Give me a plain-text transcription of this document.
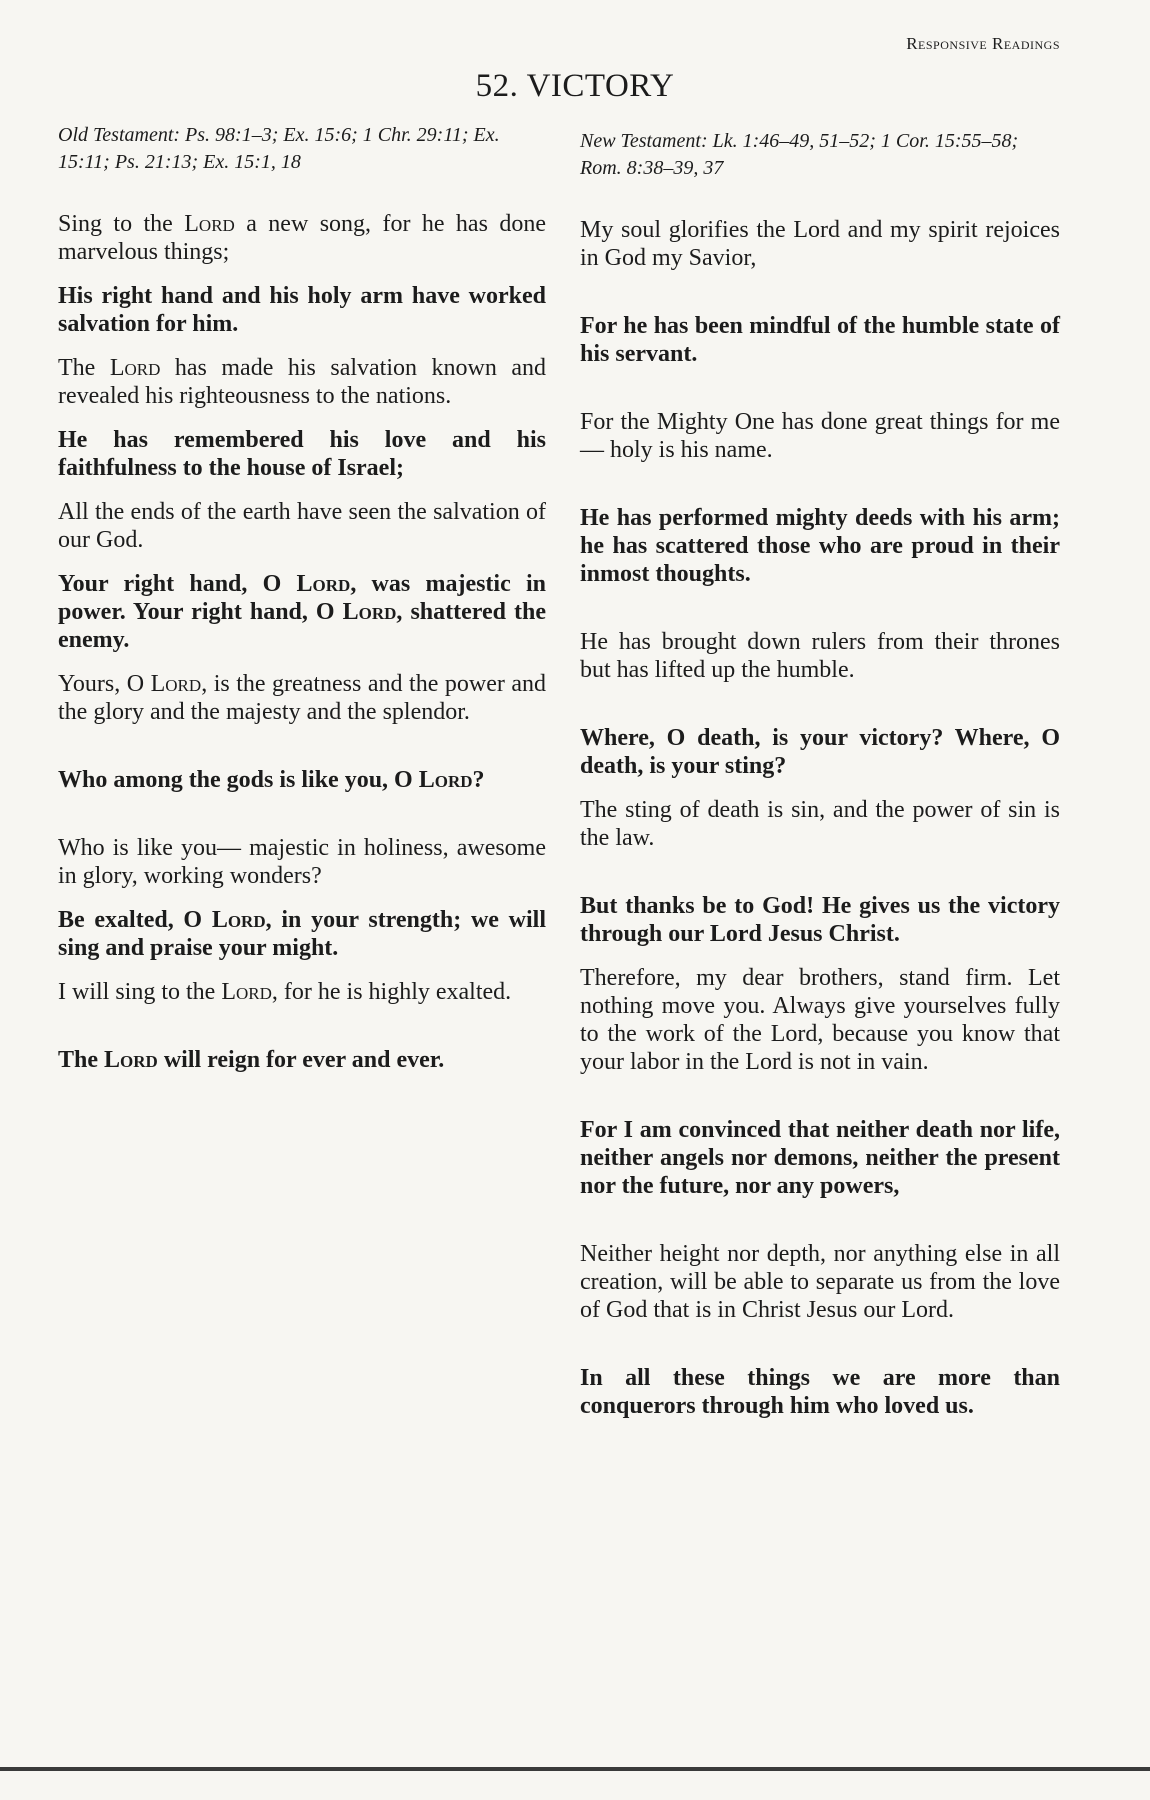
Responsive Readings
52. VICTORY

Old Testament: Ps. 98:1–3; Ex. 15:6; 1 Chr. 29:11; Ex. 15:11; Ps. 21:13; Ex. 15:1, 18

Sing to the Lord a new song, for he has done marvelous things;

His right hand and his holy arm have worked salvation for him.

The Lord has made his salvation known and revealed his righteousness to the nations.

He has remembered his love and his faithfulness to the house of Israel;

All the ends of the earth have seen the salvation of our God.

Your right hand, O Lord, was majestic in power. Your right hand, O Lord, shattered the enemy.

Yours, O Lord, is the greatness and the power and the glory and the majesty and the splendor.

Who among the gods is like you, O Lord?

Who is like you— majestic in holiness, awesome in glory, working wonders?

Be exalted, O Lord, in your strength; we will sing and praise your might.

I will sing to the Lord, for he is highly exalted.

The Lord will reign for ever and ever.

New Testament: Lk. 1:46–49, 51–52; 1 Cor. 15:55–58; Rom. 8:38–39, 37

My soul glorifies the Lord and my spirit rejoices in God my Savior,

For he has been mindful of the humble state of his servant.

For the Mighty One has done great things for me— holy is his name.

He has performed mighty deeds with his arm; he has scattered those who are proud in their inmost thoughts.

He has brought down rulers from their thrones but has lifted up the humble.

Where, O death, is your victory? Where, O death, is your sting?

The sting of death is sin, and the power of sin is the law.

But thanks be to God! He gives us the victory through our Lord Jesus Christ.

Therefore, my dear brothers, stand firm. Let nothing move you. Always give yourselves fully to the work of the Lord, because you know that your labor in the Lord is not in vain.

For I am convinced that neither death nor life, neither angels nor demons, neither the present nor the future, nor any powers,

Neither height nor depth, nor anything else in all creation, will be able to separate us from the love of God that is in Christ Jesus our Lord.

In all these things we are more than conquerors through him who loved us.
